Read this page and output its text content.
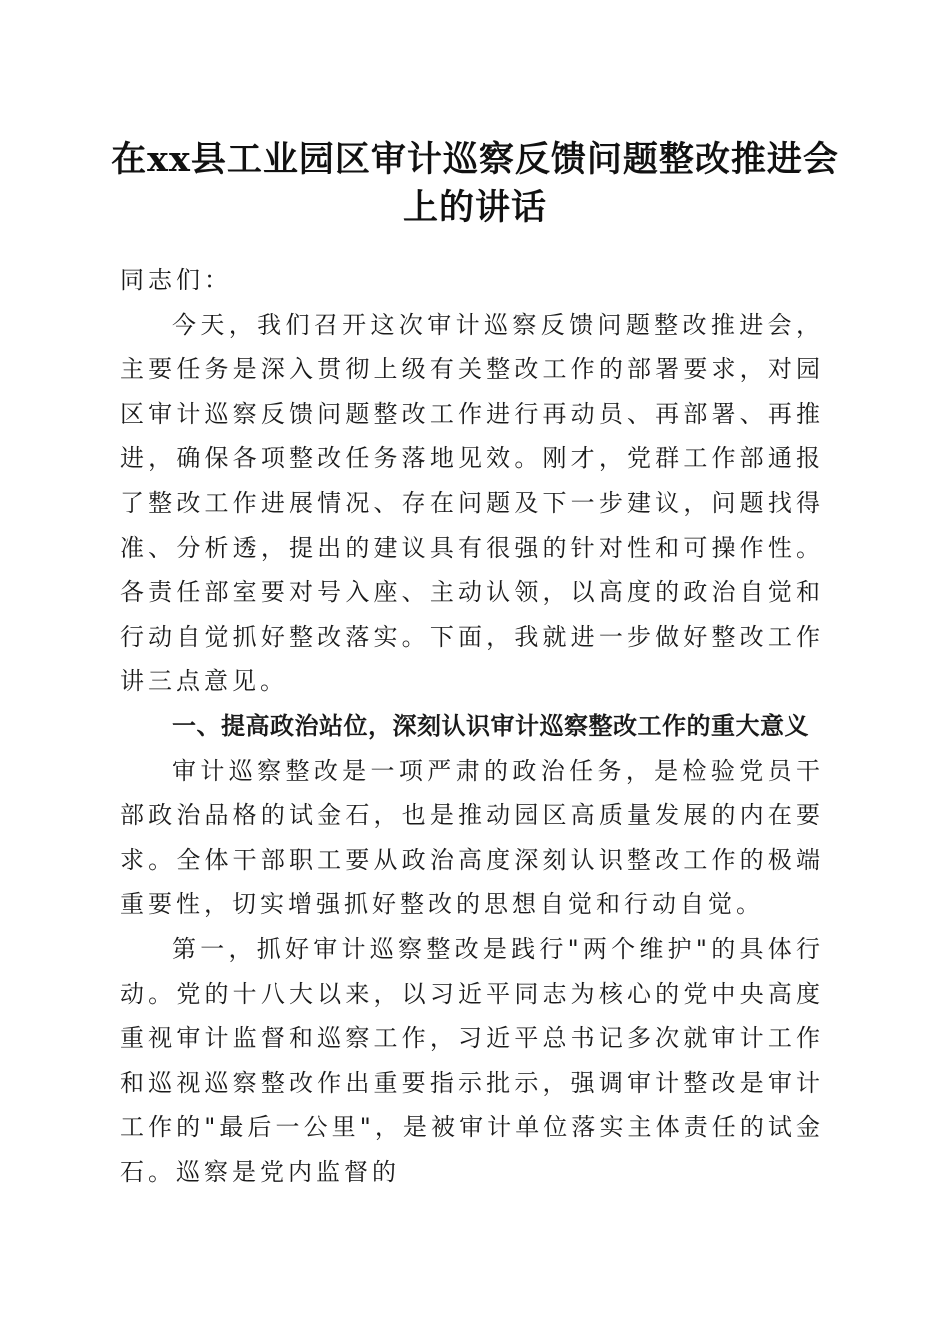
在xx县工业园区审计巡察反馈问题整改推进会上的讲话

同志们：

今天，我们召开这次审计巡察反馈问题整改推进会，主要任务是深入贯彻上级有关整改工作的部署要求，对园区审计巡察反馈问题整改工作进行再动员、再部署、再推进，确保各项整改任务落地见效。刚才，党群工作部通报了整改工作进展情况、存在问题及下一步建议，问题找得准、分析透，提出的建议具有很强的针对性和可操作性。各责任部室要对号入座、主动认领，以高度的政治自觉和行动自觉抓好整改落实。下面，我就进一步做好整改工作讲三点意见。

一、提高政治站位，深刻认识审计巡察整改工作的重大意义

审计巡察整改是一项严肃的政治任务，是检验党员干部政治品格的试金石，也是推动园区高质量发展的内在要求。全体干部职工要从政治高度深刻认识整改工作的极端重要性，切实增强抓好整改的思想自觉和行动自觉。

第一，抓好审计巡察整改是践行"两个维护"的具体行动。党的十八大以来，以习近平同志为核心的党中央高度重视审计监督和巡察工作，习近平总书记多次就审计工作和巡视巡察整改作出重要指示批示，强调审计整改是审计工作的"最后一公里"，是被审计单位落实主体责任的试金石。巡察是党内监督的
